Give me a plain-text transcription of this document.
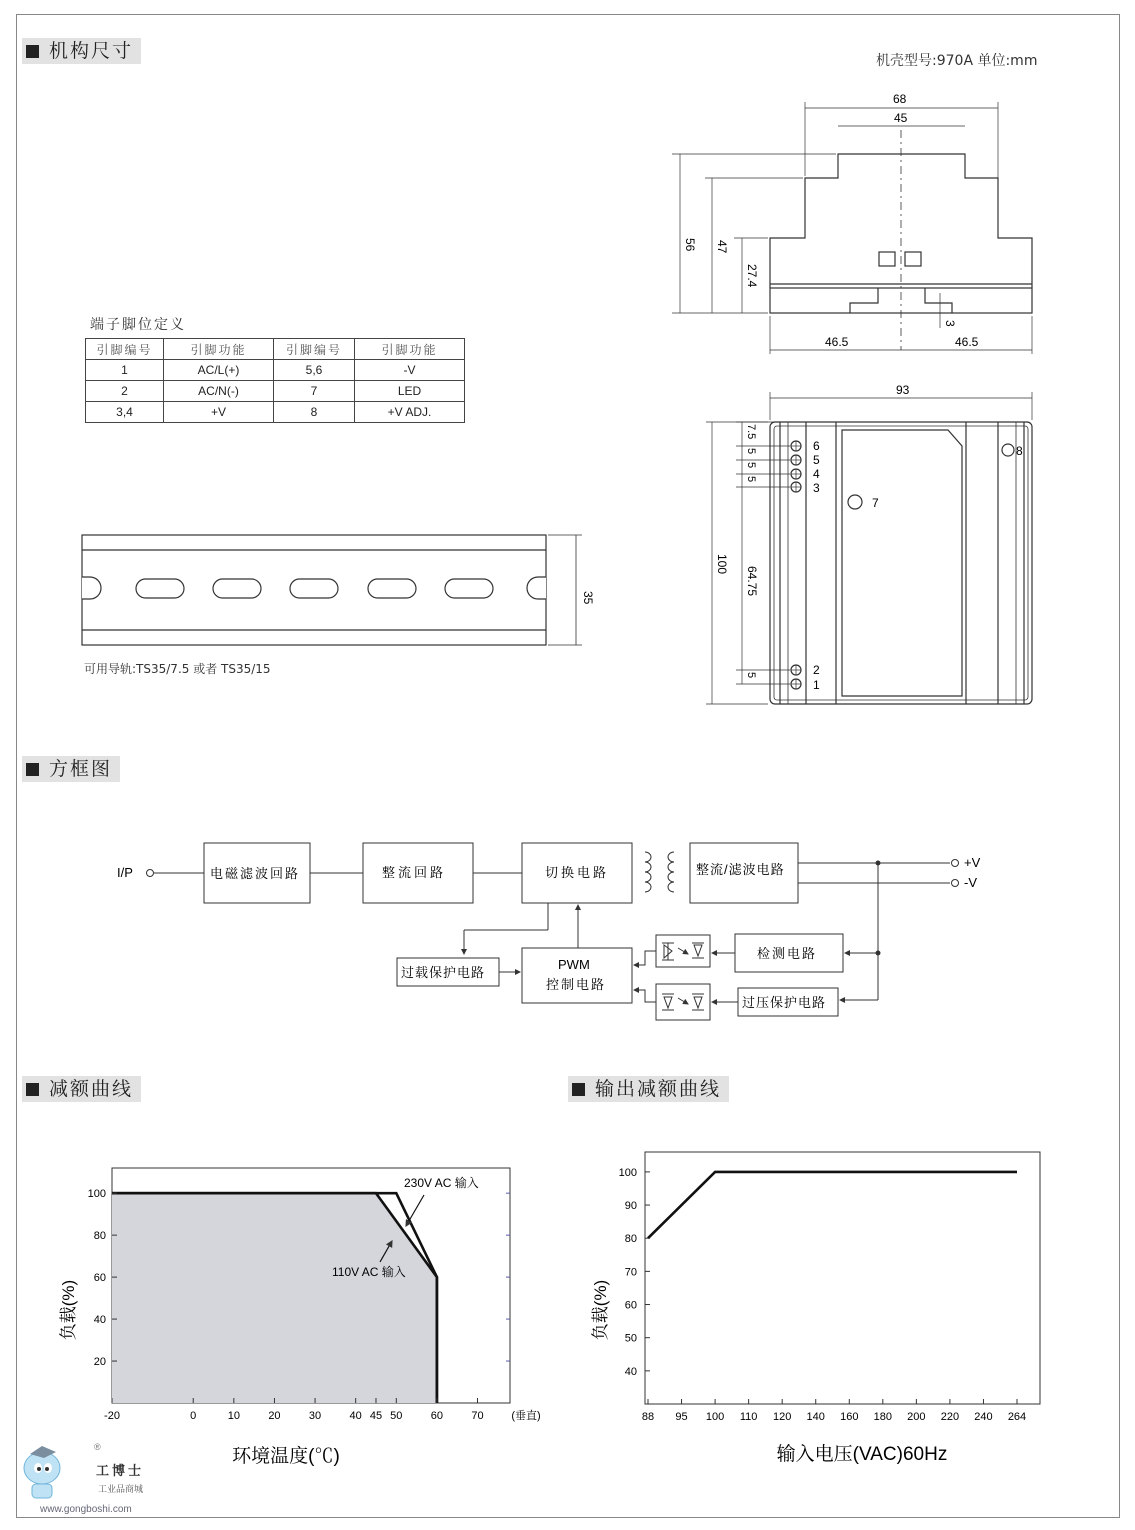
机构尺寸
方框图
减额曲线	输出减额曲线
机壳型号:970A 单位:mm
端子脚位定义
引脚编号	引脚功能	引脚编号	引脚功能
1	AC/L(+)	5,6	-V
2	AC/N(-)	7	LED
3,4	+V	8	+V ADJ.
35
可用导轨:TS35/7.5 或者 TS35/15
68
45
56 47
27.4
3
46.5	46.5
93
100
64.75
7.5
5
5
5
5
6
5
4
3
7
8
2
1
I/P	电磁滤波回路	整流回路	切换电路	整流/滤波电路	+V
-V
PWM
控制电路
过载保护电路
检测电路
过压保护电路
-20	0	10	20	30	40 45 50	60	70	(垂直)
20
40
60
80
100
负载(%)
环境温度(℃)
230V AC 输入
110V AC 输入
88 95 100 110 120 140 160 180 200 220 240 264
40
50
60
70
80
90
100
负载(%)
输入电压(VAC)60Hz
®
工博士
工业品商城
www.gongboshi.com
